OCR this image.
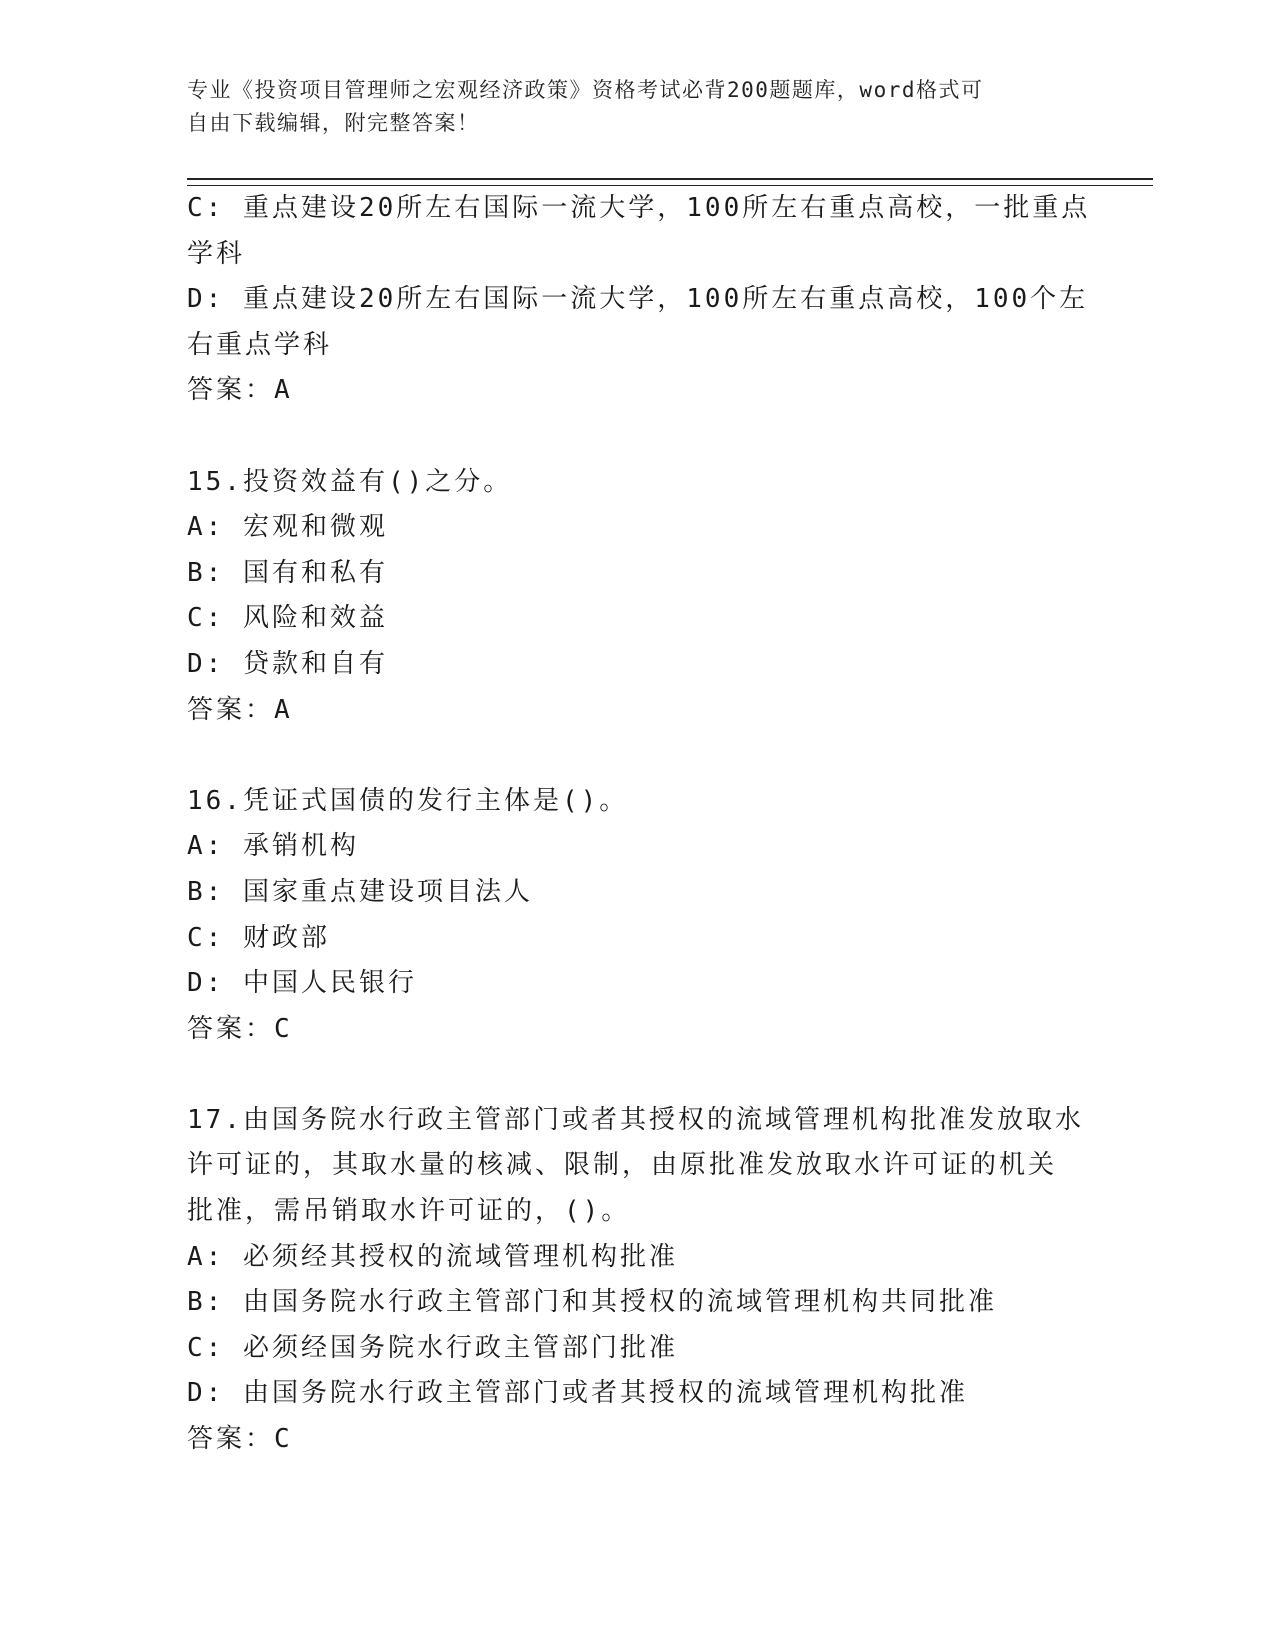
专业《投资项目管理师之宏观经济政策》资格考试必背200题题库，word格式可
自由下载编辑，附完整答案！
C: 重点建设20所左右国际一流大学，100所左右重点高校，一批重点
学科
D: 重点建设20所左右国际一流大学，100所左右重点高校，100个左
右重点学科
答案：A
15.投资效益有()之分。
A: 宏观和微观
B: 国有和私有
C: 风险和效益
D: 贷款和自有
答案：A
16.凭证式国债的发行主体是()。
A: 承销机构
B: 国家重点建设项目法人
C: 财政部
D: 中国人民银行
答案：C
17.由国务院水行政主管部门或者其授权的流域管理机构批准发放取水
许可证的，其取水量的核减、限制，由原批准发放取水许可证的机关
批准，需吊销取水许可证的，()。
A: 必须经其授权的流域管理机构批准
B: 由国务院水行政主管部门和其授权的流域管理机构共同批准
C: 必须经国务院水行政主管部门批准
D: 由国务院水行政主管部门或者其授权的流域管理机构批准
答案：C
